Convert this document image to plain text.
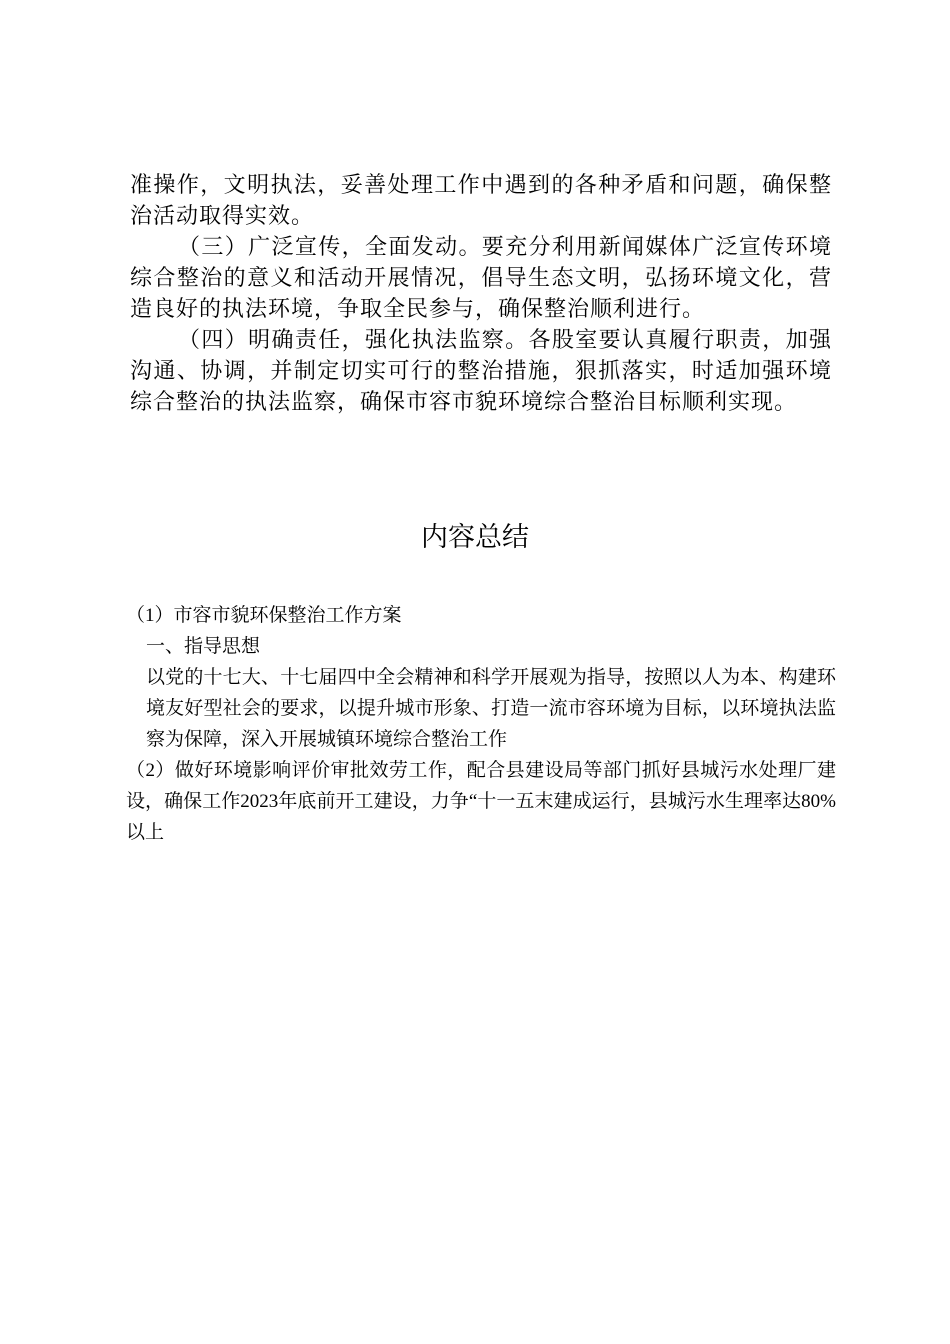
准操作，文明执法，妥善处理工作中遇到的各种矛盾和问题，确保整治活动取得实效。

（三）广泛宣传，全面发动。要充分利用新闻媒体广泛宣传环境综合整治的意义和活动开展情况，倡导生态文明，弘扬环境文化，营造良好的执法环境，争取全民参与，确保整治顺利进行。

（四）明确责任，强化执法监察。各股室要认真履行职责，加强沟通、协调，并制定切实可行的整治措施，狠抓落实，时适加强环境综合整治的执法监察，确保市容市貌环境综合整治目标顺利实现。

内容总结

（1）市容市貌环保整治工作方案

一、指导思想

以党的十七大、十七届四中全会精神和科学开展观为指导，按照以人为本、构建环境友好型社会的要求，以提升城市形象、打造一流市容环境为目标，以环境执法监察为保障，深入开展城镇环境综合整治工作

（2）做好环境影响评价审批效劳工作，配合县建设局等部门抓好县城污水处理厂建设，确保工作2023年底前开工建设，力争“十一五末建成运行，县城污水生理率达80%以上
